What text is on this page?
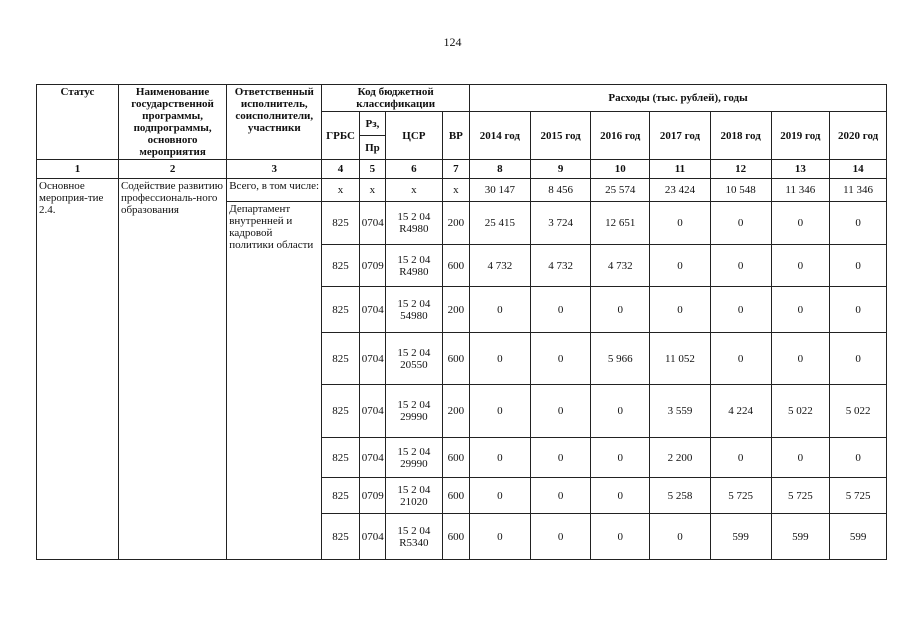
124
Статус	Наименование государственной программы, подпрограммы, основного мероприятия	Ответственный исполнитель, соисполнители, участники	Код бюджетной классификации				Расходы (тыс. рублей), годы						
			ГРБС	Рз,	ЦСР	ВР	2014 год	2015 год	2016 год	2017 год	2018 год	2019 год	2020 год
				Пр									
1	2	3	4	5	6	7	8	9	10	11	12	13	14
Основное мероприя-тие 2.4.	Содействие развитию профессиональ-ного образования	Всего, в том числе:	х	х	х	х	30 147	8 456	25 574	23 424	10 548	11 346	11 346
		Департамент внутренней и кадровой политики области	825	0704	15 2 04 R4980	200	25 415	3 724	12 651	0	0	0	0
			825	0709	15 2 04 R4980	600	4 732	4 732	4 732	0	0	0	0
			825	0704	15 2 04 54980	200	0	0	0	0	0	0	0
			825	0704	15 2 04 20550	600	0	0	5 966	11 052	0	0	0
			825	0704	15 2 04 29990	200	0	0	0	3 559	4 224	5 022	5 022
			825	0704	15 2 04 29990	600	0	0	0	2 200	0	0	0
			825	0709	15 2 04 21020	600	0	0	0	5 258	5 725	5 725	5 725
			825	0704	15 2 04 R5340	600	0	0	0	0	599	599	599
